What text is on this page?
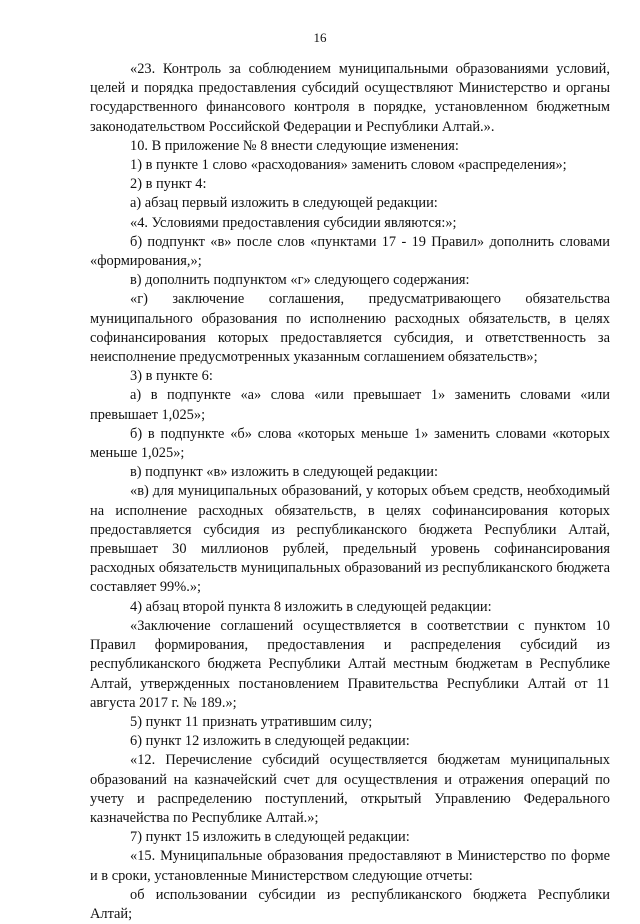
16

«23. Контроль за соблюдением муниципальными образованиями условий, целей и порядка предоставления субсидий осуществляют Министерство и органы государственного финансового контроля в порядке, установленном бюджетным законодательством Российской Федерации и Республики Алтай.».

10. В приложение № 8 внести следующие изменения:

1) в пункте 1 слово «расходования» заменить словом «распределения»;

2) в пункт 4:

а) абзац первый изложить в следующей редакции:

«4. Условиями предоставления субсидии являются:»;

б) подпункт «в» после слов «пунктами 17 - 19 Правил» дополнить словами «формирования,»;

в) дополнить подпунктом «г» следующего содержания:

«г) заключение соглашения, предусматривающего обязательства муниципального образования по исполнению расходных обязательств, в целях софинансирования которых предоставляется субсидия, и ответственность за неисполнение предусмотренных указанным соглашением обязательств»;

3) в пункте 6:

а) в подпункте «а» слова «или превышает 1» заменить словами «или превышает 1,025»;

б) в подпункте «б» слова «которых меньше 1» заменить словами «которых меньше 1,025»;

в) подпункт «в» изложить в следующей редакции:

«в) для муниципальных образований, у которых объем средств, необходимый на исполнение расходных обязательств, в целях софинансирования которых предоставляется субсидия из республиканского бюджета Республики Алтай, превышает 30 миллионов рублей, предельный уровень софинансирования расходных обязательств муниципальных образований из республиканского бюджета составляет 99%.»;

4) абзац второй пункта 8 изложить в следующей редакции:

«Заключение соглашений осуществляется в соответствии с пунктом 10 Правил формирования, предоставления и распределения субсидий из республиканского бюджета Республики Алтай местным бюджетам в Республике Алтай, утвержденных постановлением Правительства Республики Алтай от 11 августа 2017 г. № 189.»;

5) пункт 11 признать утратившим силу;

6) пункт 12 изложить в следующей редакции:

«12. Перечисление субсидий осуществляется бюджетам муниципальных образований на казначейский счет для осуществления и отражения операций по учету и распределению поступлений, открытый Управлению Федерального казначейства по Республике Алтай.»;

7) пункт 15 изложить в следующей редакции:

«15. Муниципальные образования предоставляют в Министерство по форме и в сроки, установленные Министерством следующие отчеты:

об использовании субсидии из республиканского бюджета Республики Алтай;
